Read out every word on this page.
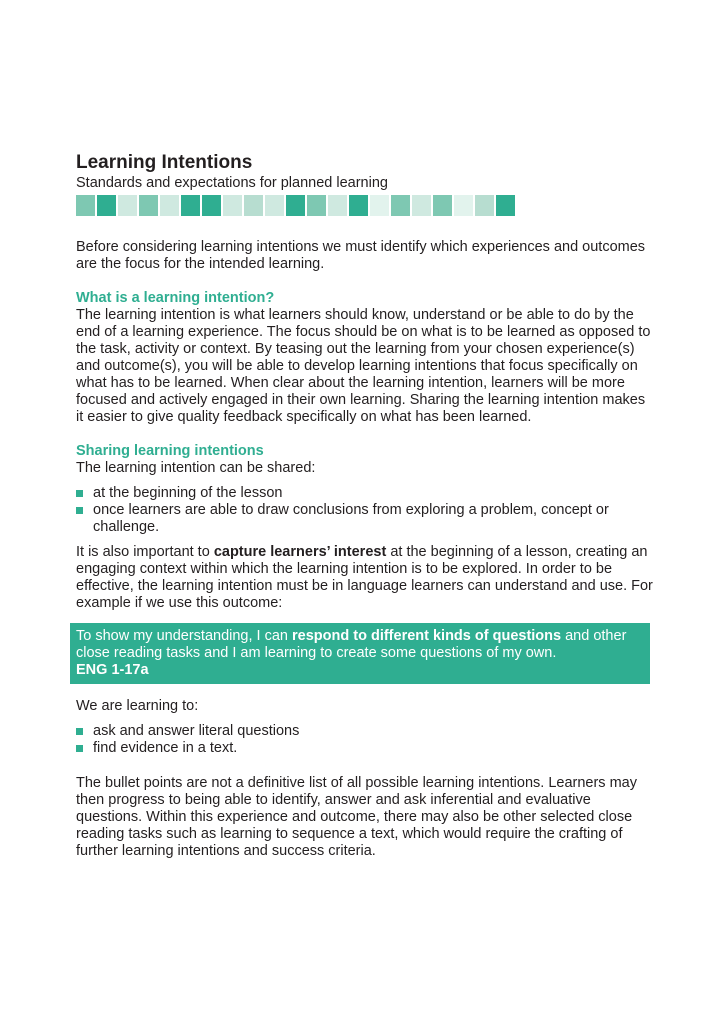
Learning Intentions

Standards and expectations for planned learning

Before considering learning intentions we must identify which experiences and outcomes are the focus for the intended learning.

What is a learning intention?

The learning intention is what learners should know, understand or be able to do by the end of a learning experience. The focus should be on what is to be learned as opposed to the task, activity or context. By teasing out the learning from your chosen experience(s) and outcome(s), you will be able to develop learning intentions that focus specifically on what has to be learned. When clear about the learning intention, learners will be more focused and actively engaged in their own learning. Sharing the learning intention makes it easier to give quality feedback specifically on what has been learned.

Sharing learning intentions

The learning intention can be shared:

at the beginning of the lesson
once learners are able to draw conclusions from exploring a problem, concept or challenge.

It is also important to capture learners’ interest at the beginning of a lesson, creating an engaging context within which the learning intention is to be explored. In order to be effective, the learning intention must be in language learners can understand and use. For example if we use this outcome:

To show my understanding, I can respond to different kinds of questions and other close reading tasks and I am learning to create some questions of my own.

ENG 1-17a

We are learning to:

ask and answer literal questions
find evidence in a text.

The bullet points are not a definitive list of all possible learning intentions. Learners may then progress to being able to identify, answer and ask inferential and evaluative questions. Within this experience and outcome, there may also be other selected close reading tasks such as learning to sequence a text, which would require the crafting of further learning intentions and success criteria.
